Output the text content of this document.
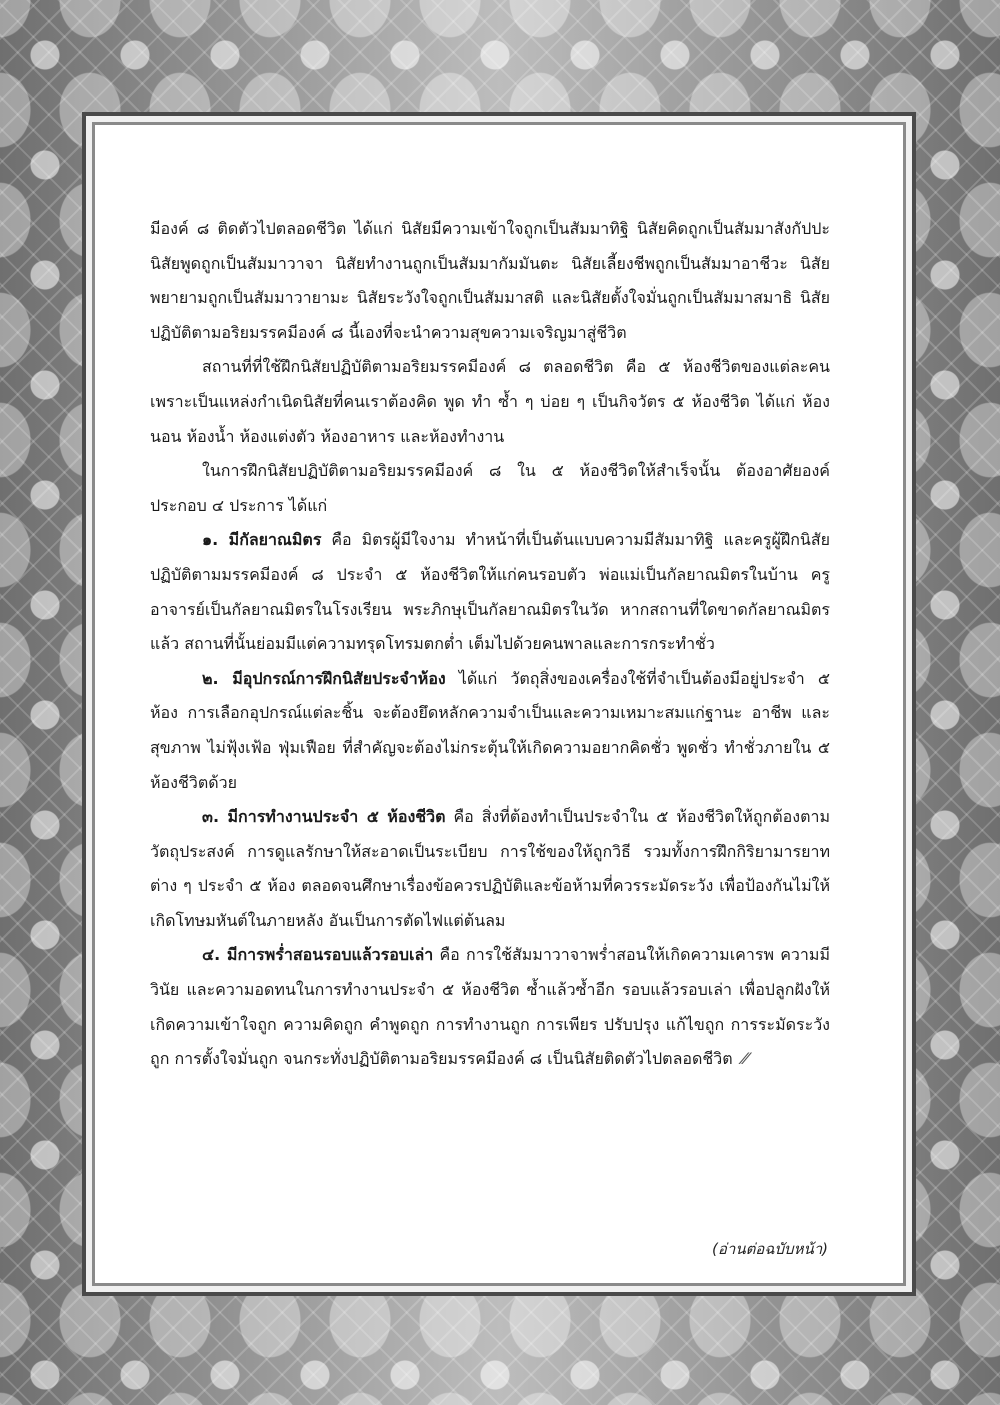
มีองค์ ๘ ติดตัวไปตลอดชีวิต ได้แก่ นิสัยมีความเข้าใจถูกเป็นสัมมาทิฐิ นิสัยคิดถูกเป็นสัมมาสังกัปปะ นิสัยพูดถูกเป็นสัมมาวาจา นิสัยทำงานถูกเป็นสัมมากัมมันตะ นิสัยเลี้ยงชีพถูกเป็นสัมมาอาชีวะ นิสัยพยายามถูกเป็นสัมมาวายามะ นิสัยระวังใจถูกเป็นสัมมาสติ และนิสัยตั้งใจมั่นถูกเป็นสัมมาสมาธิ นิสัยปฏิบัติตามอริยมรรคมีองค์ ๘ นี้เองที่จะนำความสุขความเจริญมาสู่ชีวิต

สถานที่ที่ใช้ฝึกนิสัยปฏิบัติตามอริยมรรคมีองค์ ๘ ตลอดชีวิต คือ ๕ ห้องชีวิตของแต่ละคน เพราะเป็นแหล่งกำเนิดนิสัยที่คนเราต้องคิด พูด ทำ ซ้ำ ๆ บ่อย ๆ เป็นกิจวัตร ๕ ห้องชีวิต ได้แก่ ห้องนอน ห้องน้ำ ห้องแต่งตัว ห้องอาหาร และห้องทำงาน

ในการฝึกนิสัยปฏิบัติตามอริยมรรคมีองค์ ๘ ใน ๕ ห้องชีวิตให้สำเร็จนั้น ต้องอาศัยองค์ประกอบ ๔ ประการ ได้แก่

๑. มีกัลยาณมิตร คือ มิตรผู้มีใจงาม ทำหน้าที่เป็นต้นแบบความมีสัมมาทิฐิ และครูผู้ฝึกนิสัยปฏิบัติตามมรรคมีองค์ ๘ ประจำ ๕ ห้องชีวิตให้แก่คนรอบตัว พ่อแม่เป็นกัลยาณมิตรในบ้าน ครูอาจารย์เป็นกัลยาณมิตรในโรงเรียน พระภิกษุเป็นกัลยาณมิตรในวัด หากสถานที่ใดขาดกัลยาณมิตรแล้ว สถานที่นั้นย่อมมีแต่ความทรุดโทรมตกต่ำ เต็มไปด้วยคนพาลและการกระทำชั่ว

๒. มีอุปกรณ์การฝึกนิสัยประจำห้อง ได้แก่ วัตถุสิ่งของเครื่องใช้ที่จำเป็นต้องมีอยู่ประจำ ๕ ห้อง การเลือกอุปกรณ์แต่ละชิ้น จะต้องยึดหลักความจำเป็นและความเหมาะสมแก่ฐานะ อาชีพ และสุขภาพ ไม่ฟุ้งเฟ้อ ฟุ่มเฟือย ที่สำคัญจะต้องไม่กระตุ้นให้เกิดความอยากคิดชั่ว พูดชั่ว ทำชั่วภายใน ๕ ห้องชีวิตด้วย

๓. มีการทำงานประจำ ๕ ห้องชีวิต คือ สิ่งที่ต้องทำเป็นประจำใน ๕ ห้องชีวิตให้ถูกต้องตามวัตถุประสงค์ การดูแลรักษาให้สะอาดเป็นระเบียบ การใช้ของให้ถูกวิธี รวมทั้งการฝึกกิริยามารยาทต่าง ๆ ประจำ ๕ ห้อง ตลอดจนศึกษาเรื่องข้อควรปฏิบัติและข้อห้ามที่ควรระมัดระวัง เพื่อป้องกันไม่ให้เกิดโทษมหันต์ในภายหลัง อันเป็นการตัดไฟแต่ต้นลม

๔. มีการพร่ำสอนรอบแล้วรอบเล่า คือ การใช้สัมมาวาจาพร่ำสอนให้เกิดความเคารพ ความมีวินัย และความอดทนในการทำงานประจำ ๕ ห้องชีวิต ซ้ำแล้วซ้ำอีก รอบแล้วรอบเล่า เพื่อปลูกฝังให้เกิดความเข้าใจถูก ความคิดถูก คำพูดถูก การทำงานถูก การเพียร ปรับปรุง แก้ไขถูก การระมัดระวังถูก การตั้งใจมั่นถูก จนกระทั่งปฏิบัติตามอริยมรรคมีองค์ ๘ เป็นนิสัยติดตัวไปตลอดชีวิต ⁄⁄

(อ่านต่อฉบับหน้า)
